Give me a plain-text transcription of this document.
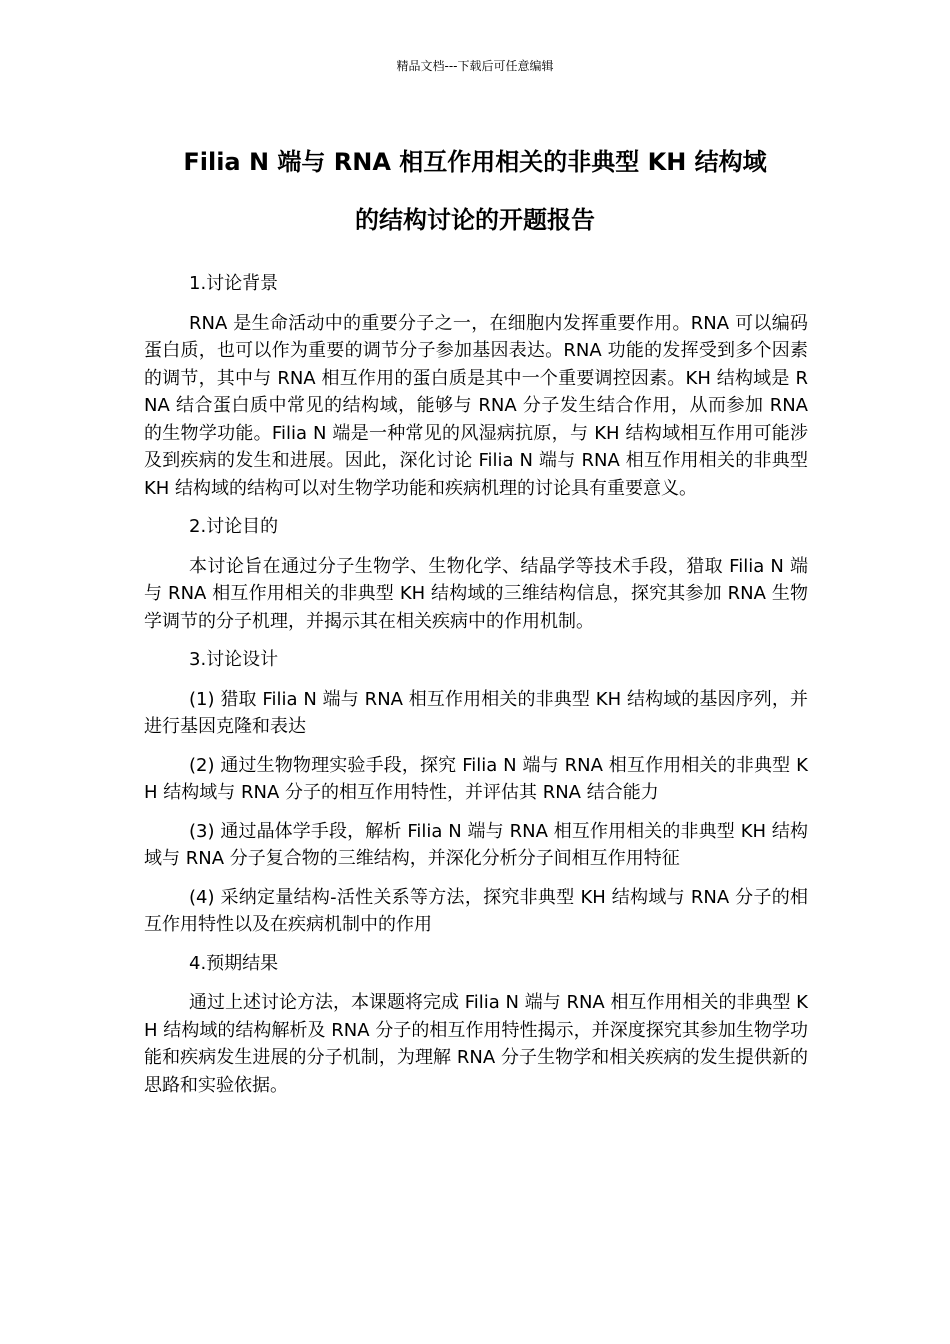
精品文档---下载后可任意编辑
Filia N 端与 RNA 相互作用相关的非典型 KH 结构域
的结构讨论的开题报告
1.讨论背景
RNA 是生命活动中的重要分子之一，在细胞内发挥重要作用。RNA 可以编码蛋白质，也可以作为重要的调节分子参加基因表达。RNA 功能的发挥受到多个因素的调节，其中与 RNA 相互作用的蛋白质是其中一个重要调控因素。KH 结构域是 RNA 结合蛋白质中常见的结构域，能够与 RNA 分子发生结合作用，从而参加 RNA 的生物学功能。Filia N 端是一种常见的风湿病抗原，与 KH 结构域相互作用可能涉及到疾病的发生和进展。因此，深化讨论 Filia N 端与 RNA 相互作用相关的非典型 KH 结构域的结构可以对生物学功能和疾病机理的讨论具有重要意义。
2.讨论目的
本讨论旨在通过分子生物学、生物化学、结晶学等技术手段，猎取 Filia N 端与 RNA 相互作用相关的非典型 KH 结构域的三维结构信息，探究其参加 RNA 生物学调节的分子机理，并揭示其在相关疾病中的作用机制。
3.讨论设计
(1) 猎取 Filia N 端与 RNA 相互作用相关的非典型 KH 结构域的基因序列，并进行基因克隆和表达
(2) 通过生物物理实验手段，探究 Filia N 端与 RNA 相互作用相关的非典型 KH 结构域与 RNA 分子的相互作用特性，并评估其 RNA 结合能力
(3) 通过晶体学手段，解析 Filia N 端与 RNA 相互作用相关的非典型 KH 结构域与 RNA 分子复合物的三维结构，并深化分析分子间相互作用特征
(4) 采纳定量结构-活性关系等方法，探究非典型 KH 结构域与 RNA 分子的相互作用特性以及在疾病机制中的作用
4.预期结果
通过上述讨论方法，本课题将完成 Filia N 端与 RNA 相互作用相关的非典型 KH 结构域的结构解析及 RNA 分子的相互作用特性揭示，并深度探究其参加生物学功能和疾病发生进展的分子机制，为理解 RNA 分子生物学和相关疾病的发生提供新的思路和实验依据。
